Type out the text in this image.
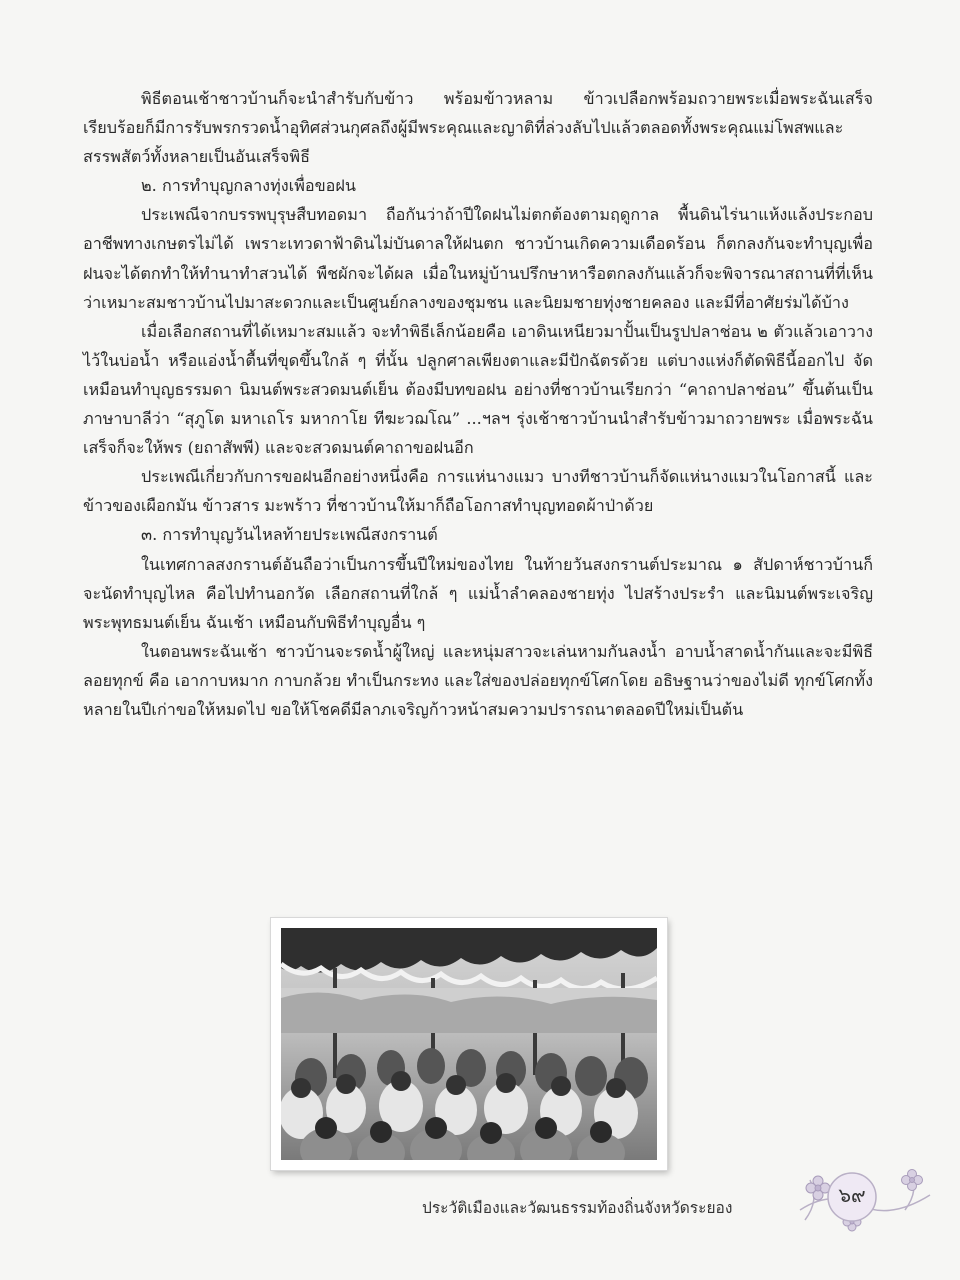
พิธีตอนเช้าชาวบ้านก็จะนำสำรับกับข้าว พร้อมข้าวหลาม ข้าวเปลือกพร้อมถวายพระเมื่อพระฉันเสร็จเรียบร้อยก็มีการรับพรกรวดน้ำอุทิศส่วนกุศลถึงผู้มีพระคุณและญาติที่ล่วงลับไปแล้วตลอดทั้งพระคุณแม่โพสพและสรรพสัตว์ทั้งหลายเป็นอันเสร็จพิธี

๒. การทำบุญกลางทุ่งเพื่อขอฝน

ประเพณีจากบรรพบุรุษสืบทอดมา ถือกันว่าถ้าปีใดฝนไม่ตกต้องตามฤดูกาล พื้นดินไร่นาแห้งแล้งประกอบอาชีพทางเกษตรไม่ได้ เพราะเทวดาฟ้าดินไม่บันดาลให้ฝนตก ชาวบ้านเกิดความเดือดร้อน ก็ตกลงกันจะทำบุญเพื่อฝนจะได้ตกทำให้ทำนาทำสวนได้ พืชผักจะได้ผล เมื่อในหมู่บ้านปรึกษาหารือตกลงกันแล้วก็จะพิจารณาสถานที่ที่เห็นว่าเหมาะสมชาวบ้านไปมาสะดวกและเป็นศูนย์กลางของชุมชน และนิยมชายทุ่งชายคลอง และมีที่อาศัยร่มได้บ้าง

เมื่อเลือกสถานที่ได้เหมาะสมแล้ว จะทำพิธีเล็กน้อยคือ เอาดินเหนียวมาปั้นเป็นรูปปลาช่อน ๒ ตัวแล้วเอาวางไว้ในบ่อน้ำ หรือแอ่งน้ำตื้นที่ขุดขึ้นใกล้ ๆ ที่นั้น ปลูกศาลเพียงตาและมีปักฉัตรด้วย แต่บางแห่งก็ตัดพิธีนี้ออกไป จัดเหมือนทำบุญธรรมดา นิมนต์พระสวดมนต์เย็น ต้องมีบทขอฝน อย่างที่ชาวบ้านเรียกว่า “คาถาปลาช่อน” ขึ้นต้นเป็นภาษาบาลีว่า “สุภูโต มหาเถโร มหากาโย ทีฆะวฌโณ” ...ฯลฯ รุ่งเช้าชาวบ้านนำสำรับข้าวมาถวายพระ เมื่อพระฉันเสร็จก็จะให้พร (ยถาสัพพี) และจะสวดมนต์คาถาขอฝนอีก

ประเพณีเกี่ยวกับการขอฝนอีกอย่างหนึ่งคือ การแห่นางแมว บางทีชาวบ้านก็จัดแห่นางแมวในโอกาสนี้ และข้าวของเผือกมัน ข้าวสาร มะพร้าว ที่ชาวบ้านให้มาก็ถือโอกาสทำบุญทอดผ้าป่าด้วย

๓. การทำบุญวันไหลท้ายประเพณีสงกรานต์

ในเทศกาลสงกรานต์อันถือว่าเป็นการขึ้นปีใหม่ของไทย ในท้ายวันสงกรานต์ประมาณ ๑ สัปดาห์ชาวบ้านก็จะนัดทำบุญไหล คือไปทำนอกวัด เลือกสถานที่ใกล้ ๆ แม่น้ำลำคลองชายทุ่ง ไปสร้างประรำ และนิมนต์พระเจริญพระพุทธมนต์เย็น ฉันเช้า เหมือนกับพิธีทำบุญอื่น ๆ

ในตอนพระฉันเช้า ชาวบ้านจะรดน้ำผู้ใหญ่ และหนุ่มสาวจะเล่นหามกันลงน้ำ อาบน้ำสาดน้ำกันและจะมีพิธีลอยทุกข์ คือ เอากาบหมาก กาบกล้วย ทำเป็นกระทง และใส่ของปล่อยทุกข์โศกโดย อธิษฐานว่าของไม่ดี ทุกข์โศกทั้งหลายในปีเก่าขอให้หมดไป ขอให้โชคดีมีลาภเจริญก้าวหน้าสมความปรารถนาตลอดปีใหม่เป็นต้น

ประวัติเมืองและวัฒนธรรมท้องถิ่นจังหวัดระยอง
๖๙
